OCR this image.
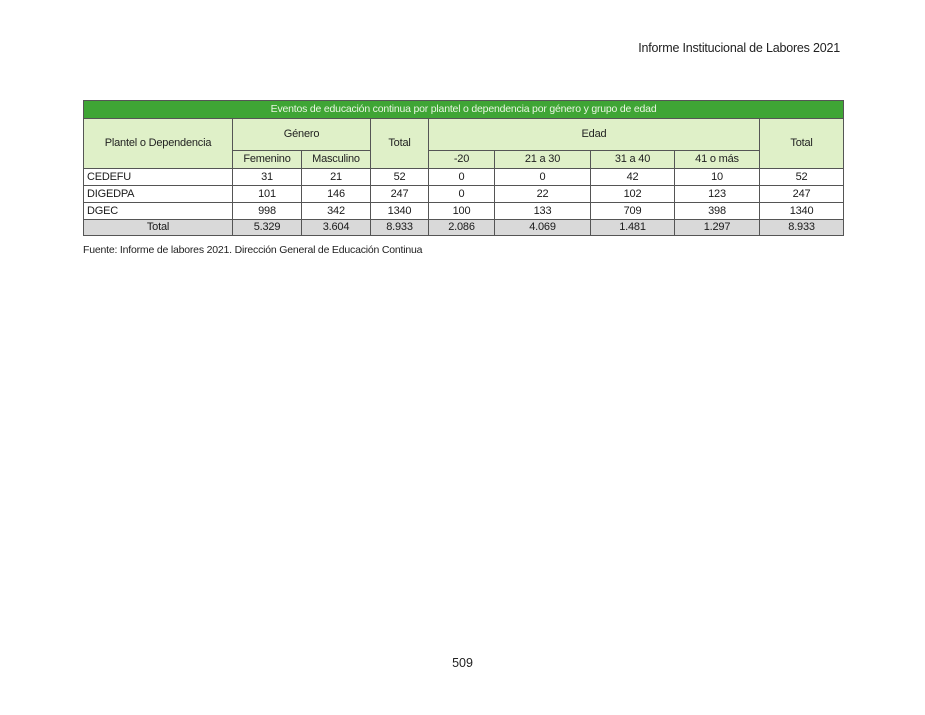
Informe Institucional de Labores 2021
Eventos de educación continua por plantel o dependencia por género y grupo de edad								
Plantel o Dependencia	Género		Total	Edad				Total
	Femenino	Masculino		-20	21 a 30	31 a 40	41 o más	
CEDEFU	31	21	52	0	0	42	10	52
DIGEDPA	101	146	247	0	22	102	123	247
DGEC	998	342	1340	100	133	709	398	1340
Total	5.329	3.604	8.933	2.086	4.069	1.481	1.297	8.933
Fuente: Informe de labores 2021. Dirección General de Educación Continua
509
